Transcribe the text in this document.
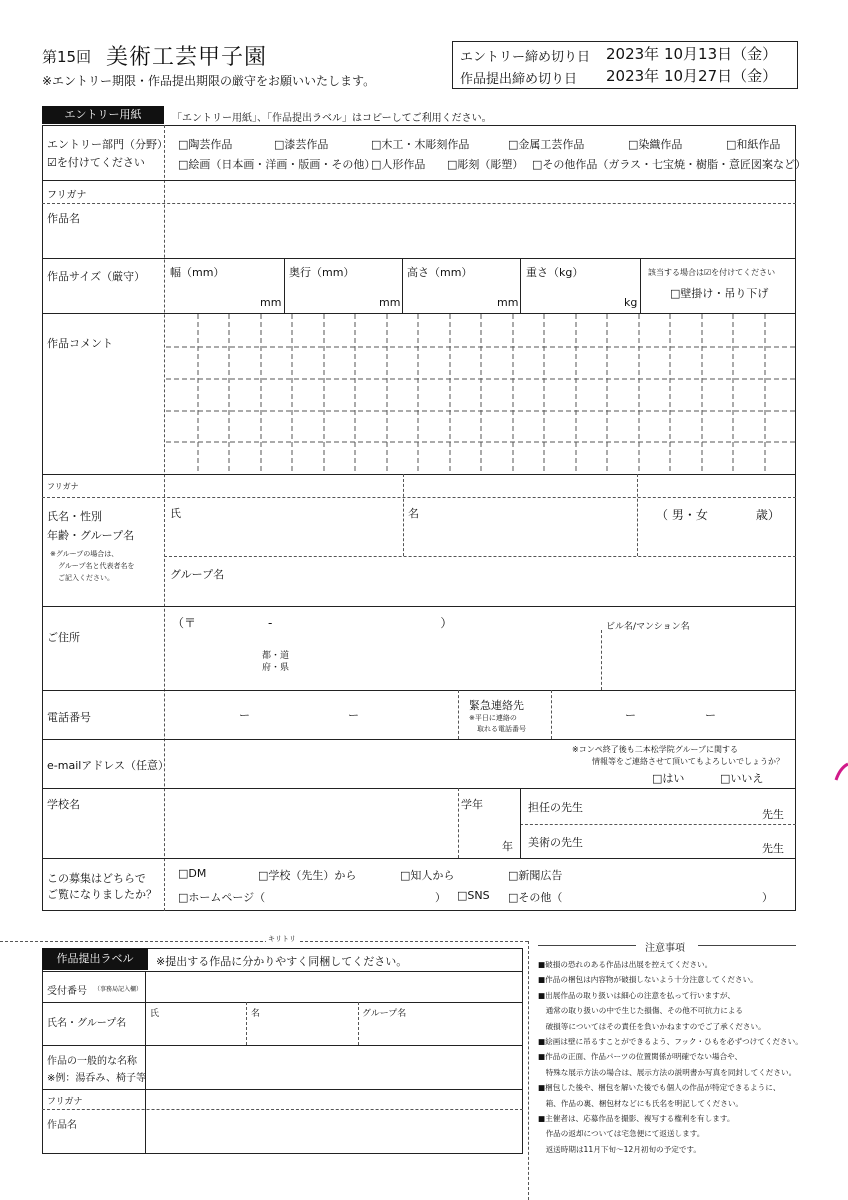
第15回 美術工芸甲子園
※エントリー期限・作品提出期限の厳守をお願いいたします。
エントリー締め切り日 2023年 10月13日（金）
作品提出締め切り日 2023年 10月27日（金）
エントリー用紙	「エントリー用紙」、「作品提出ラベル」はコピーしてご利用ください。
エントリー部門（分野）
☑を付けてください
□陶芸作品	□漆芸作品	□木工・木彫刻作品	□金属工芸作品	□染織作品	□和紙作品
□絵画（日本画・洋画・版画・その他）
□人形作品 □彫刻（彫塑） □その他作品（ガラス・七宝焼・樹脂・意匠図案など）
フリガナ
作品名
作品サイズ（厳守） 幅（mm）	奥行（mm）	高さ（mm）	重さ（kg）
mm	mm	mm	kg
該当する場合は☑を付けてください
□壁掛け・吊り下げ
作品コメント
フリガナ
氏名・性別
年齢・グループ名
※グループの場合は、
グループ名と代表者名を
ご記入ください。
氏	名	（ 男・女　　　　歳）
グループ名
ご住所
（〒　　　　　　-　　　　　　　　　　　　　　）
都・道
府・県
ビル名/マンション名
電話番号	ー	ー
緊急連絡先
※平日に連絡の
取れる電話番号
ー	ー
e-mailアドレス（任意）
※コンペ終了後も二本松学院グループに関する
情報等をご連絡させて頂いてもよろしいでしょうか？
□はい	□いいえ
学校名	学年
年
担任の先生
先生
美術の先生	先生
この募集はどちらで
ご覧になりましたか？
□DM	□学校（先生）から	□知人から	□新聞広告
□ホームページ（	） □SNS □その他（	）
キリトリ
作品提出ラベル	※提出する作品に分かりやすく同梱してください。
受付番号 （事務局記入欄）
氏名・グループ名
氏	名	グループ名
作品の一般的な名称
※例：湯呑み、椅子等
フリガナ
作品名
注意事項
■破損の恐れのある作品は出展を控えてください。
■作品の梱包は内容物が破損しないよう十分注意してください。
■出展作品の取り扱いは細心の注意を払って行いますが、
　通常の取り扱いの中で生じた損傷、その他不可抗力による
　破損等についてはその責任を負いかねますのでご了承ください。
■絵画は壁に吊るすことができるよう、フック・ひもを必ずつけてください。
■作品の正面、作品パーツの位置関係が明確でない場合や、
　特殊な展示方法の場合は、展示方法の説明書か写真を同封してください。
■梱包した後や、梱包を解いた後でも個人の作品が特定できるように、
　箱、作品の裏、梱包材などにも氏名を明記してください。
■主催者は、応募作品を撮影、複写する権利を有します。
　作品の返却については宅急便にて返送します。
　返送時期は11月下旬〜12月初旬の予定です。
